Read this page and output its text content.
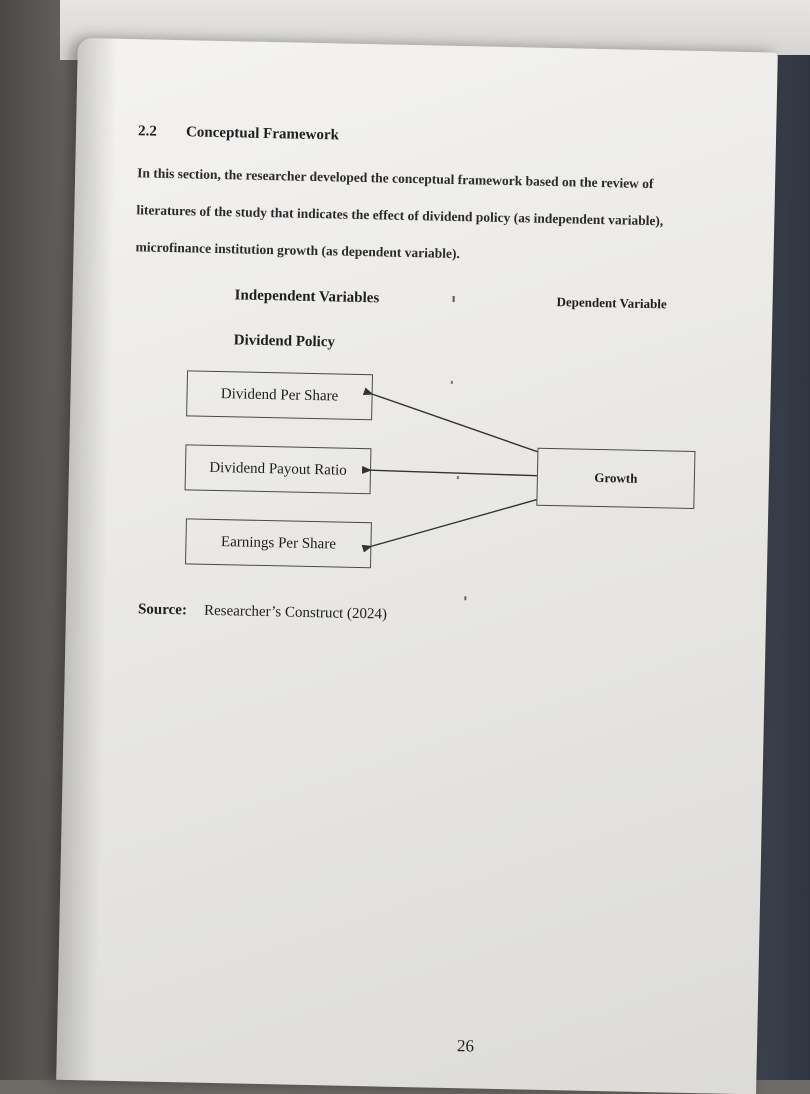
2.2 Conceptual Framework
In this section, the researcher developed the conceptual framework based on the review of
literatures of the study that indicates the effect of dividend policy (as independent variable),
microfinance institution growth (as dependent variable).
Independent Variables	Dependent Variable
Dividend Policy
Dividend Per Share
Dividend Payout Ratio
Earnings Per Share
Growth
Source: Researcher’s Construct (2024)
26
